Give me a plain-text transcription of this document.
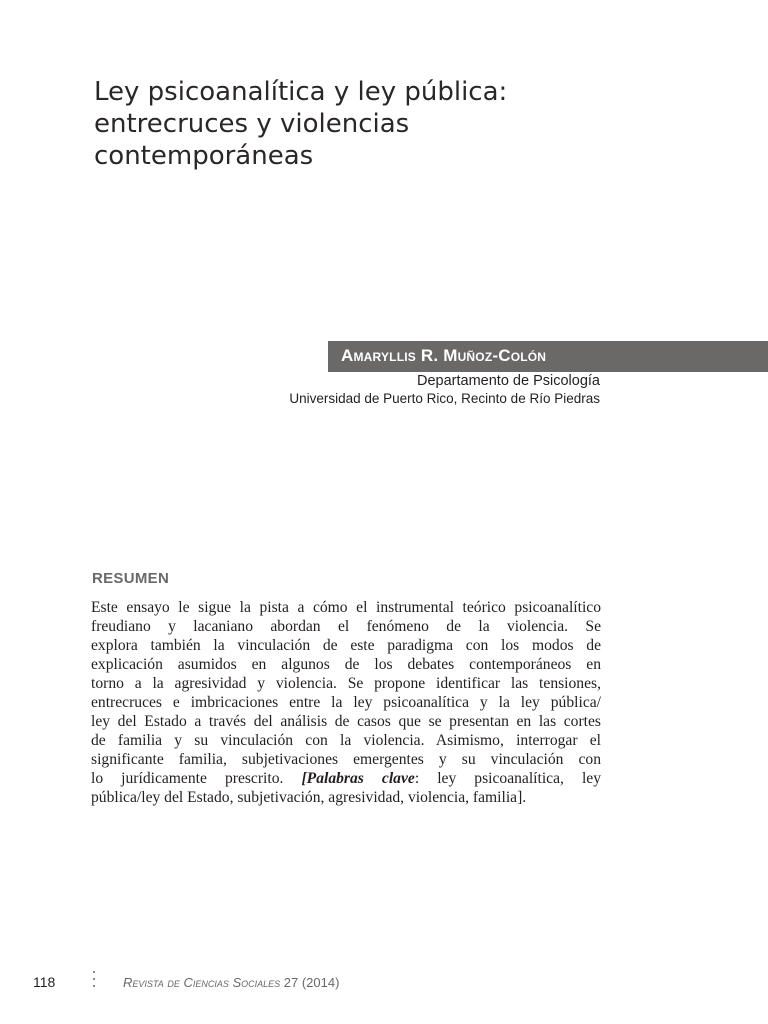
Ley psicoanalítica y ley pública:
entrecruces y violencias
contemporáneas
Amaryllis R. Muñoz-Colón
Departamento de Psicología
Universidad de Puerto Rico, Recinto de Río Piedras
RESUMEN

Este ensayo le sigue la pista a cómo el instrumental teórico psicoanalítico
freudiano y lacaniano abordan el fenómeno de la violencia. Se
explora también la vinculación de este paradigma con los modos de
explicación asumidos en algunos de los debates contemporáneos en
torno a la agresividad y violencia. Se propone identificar las tensiones,
entrecruces e imbricaciones entre la ley psicoanalítica y la ley pública/
ley del Estado a través del análisis de casos que se presentan en las cortes
de familia y su vinculación con la violencia. Asimismo, interrogar el
significante familia, subjetivaciones emergentes y su vinculación con
lo jurídicamente prescrito. [Palabras clave: ley psicoanalítica, ley
pública/ley del Estado, subjetivación, agresividad, violencia, familia].

118	Revista de Ciencias Sociales 27 (2014)
